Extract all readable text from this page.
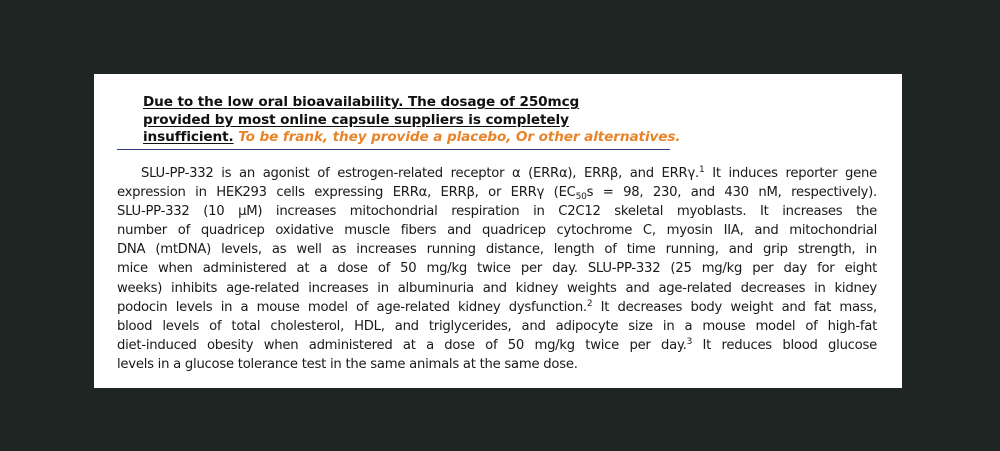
Due to the low oral bioavailability. The dosage of 250mcg
provided by most online capsule suppliers is completely
insufficient. To be frank, they provide a placebo, Or other alternatives.
SLU-PP-332 is an agonist of estrogen-related receptor α (ERRα), ERRβ, and ERRγ.$^1$ It induces reporter gene
expression in HEK293 cells expressing ERRα, ERRβ, or ERRγ ($EC_{50}s = 98$, 230, and 430 nM, respectively).
SLU-PP-332 (10 µM) increases mitochondrial respiration in C2C12 skeletal myoblasts. It increases the
number of quadricep oxidative muscle fibers and quadricep cytochrome C, myosin IIA, and mitochondrial
DNA (mtDNA) levels, as well as increases running distance, length of time running, and grip strength, in
mice when administered at a dose of 50 mg/kg twice per day. SLU-PP-332 (25 mg/kg per day for eight
weeks) inhibits age-related increases in albuminuria and kidney weights and age-related decreases in kidney
podocin levels in a mouse model of age-related kidney dysfunction.$^2$ It decreases body weight and fat mass,
blood levels of total cholesterol, HDL, and triglycerides, and adipocyte size in a mouse model of high-fat
diet-induced obesity when administered at a dose of 50 mg/kg twice per day.$^3$ It reduces blood glucose
levels in a glucose tolerance test in the same animals at the same dose.
